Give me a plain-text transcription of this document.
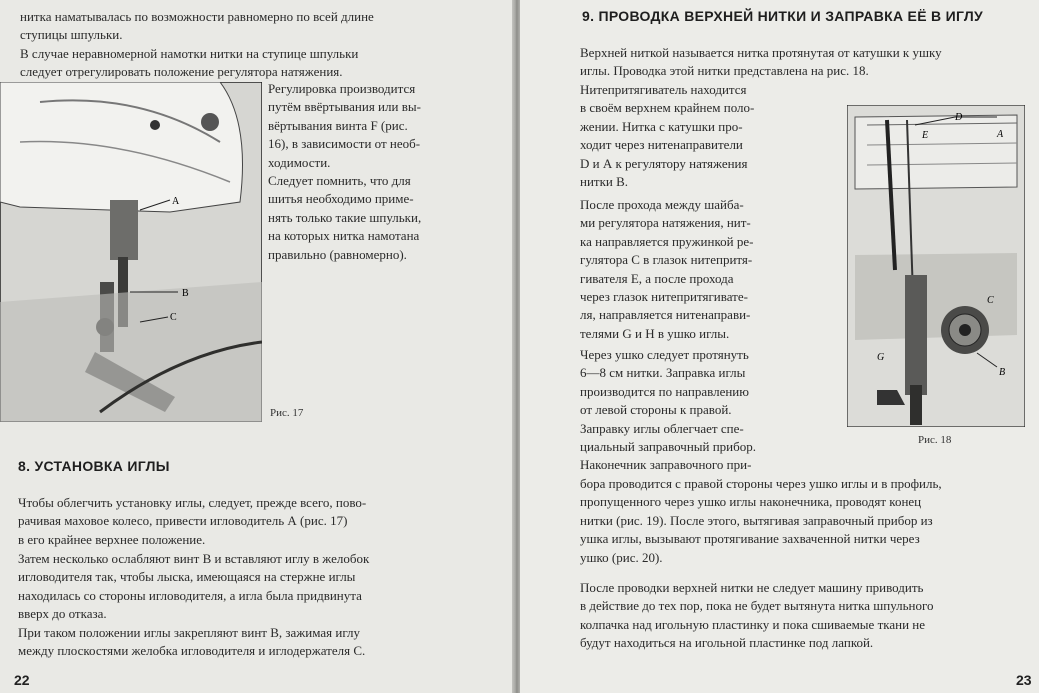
нитка наматывалась по возможности равномерно по всей длине
ступицы шпульки.
В случае неравномерной намотки нитки на ступице шпульки
следует отрегулировать положение регулятора натяжения.
A
B
C
Регулировка производится
путём ввёртывания или вы-
вёртывания винта F (рис.
16), в зависимости от необ-
ходимости.
Следует помнить, что для
шитья необходимо приме-
нять только такие шпульки,
на которых нитка намотана
правильно (равномерно).
Рис. 17
8. УСТАНОВКА ИГЛЫ
Чтобы облегчить установку иглы, следует, прежде всего, пово-
рачивая маховое колесо, привести игловодитель А (рис. 17)
в его крайнее верхнее положение.
Затем несколько ослабляют винт В и вставляют иглу в желобок
игловодителя так, чтобы лыска, имеющаяся на стержне иглы
находилась со стороны игловодителя, а игла была придвинута
вверх до отказа.
При таком положении иглы закрепляют винт В, зажимая иглу
между плоскостями желобка игловодителя и иглодержателя С.
22
9. ПРОВОДКА ВЕРХНЕЙ НИТКИ И ЗАПРАВКА ЕЁ В ИГЛУ
Верхней ниткой называется нитка протянутая от катушки к ушку
иглы. Проводка этой нитки представлена на рис. 18.
Нитепритягиватель находится
в своём верхнем крайнем поло-
жении. Нитка с катушки про-
ходит через нитенаправители
D и А к регулятору натяжения
нитки В.
После прохода между шайба-
ми регулятора натяжения, нит-
ка направляется пружинкой ре-
гулятора С в глазок нитепритя-
гивателя Е, а после прохода
через глазок нитепритягивате-
ля, направляется нитенаправи-
телями G и Н в ушко иглы.
Через ушко следует протянуть
6—8 см нитки. Заправка иглы
производится по направлению
от левой стороны к правой.
Заправку иглы облегчает спе-
циальный заправочный прибор.
Наконечник заправочного при-
бора проводится с правой стороны через ушко иглы и в профиль,
пропущенного через ушко иглы наконечника, проводят конец
нитки (рис. 19). После этого, вытягивая заправочный прибор из
ушка иглы, вызывают протягивание захваченной нитки через
ушко (рис. 20).
После проводки верхней нитки не следует машину приводить
в действие до тех пор, пока не будет вытянута нитка шпульного
колпачка над игольную пластинку и пока сшиваемые ткани не
будут находиться на игольной пластинке под лапкой.
D
A
E
C
B
G
Рис. 18
23
